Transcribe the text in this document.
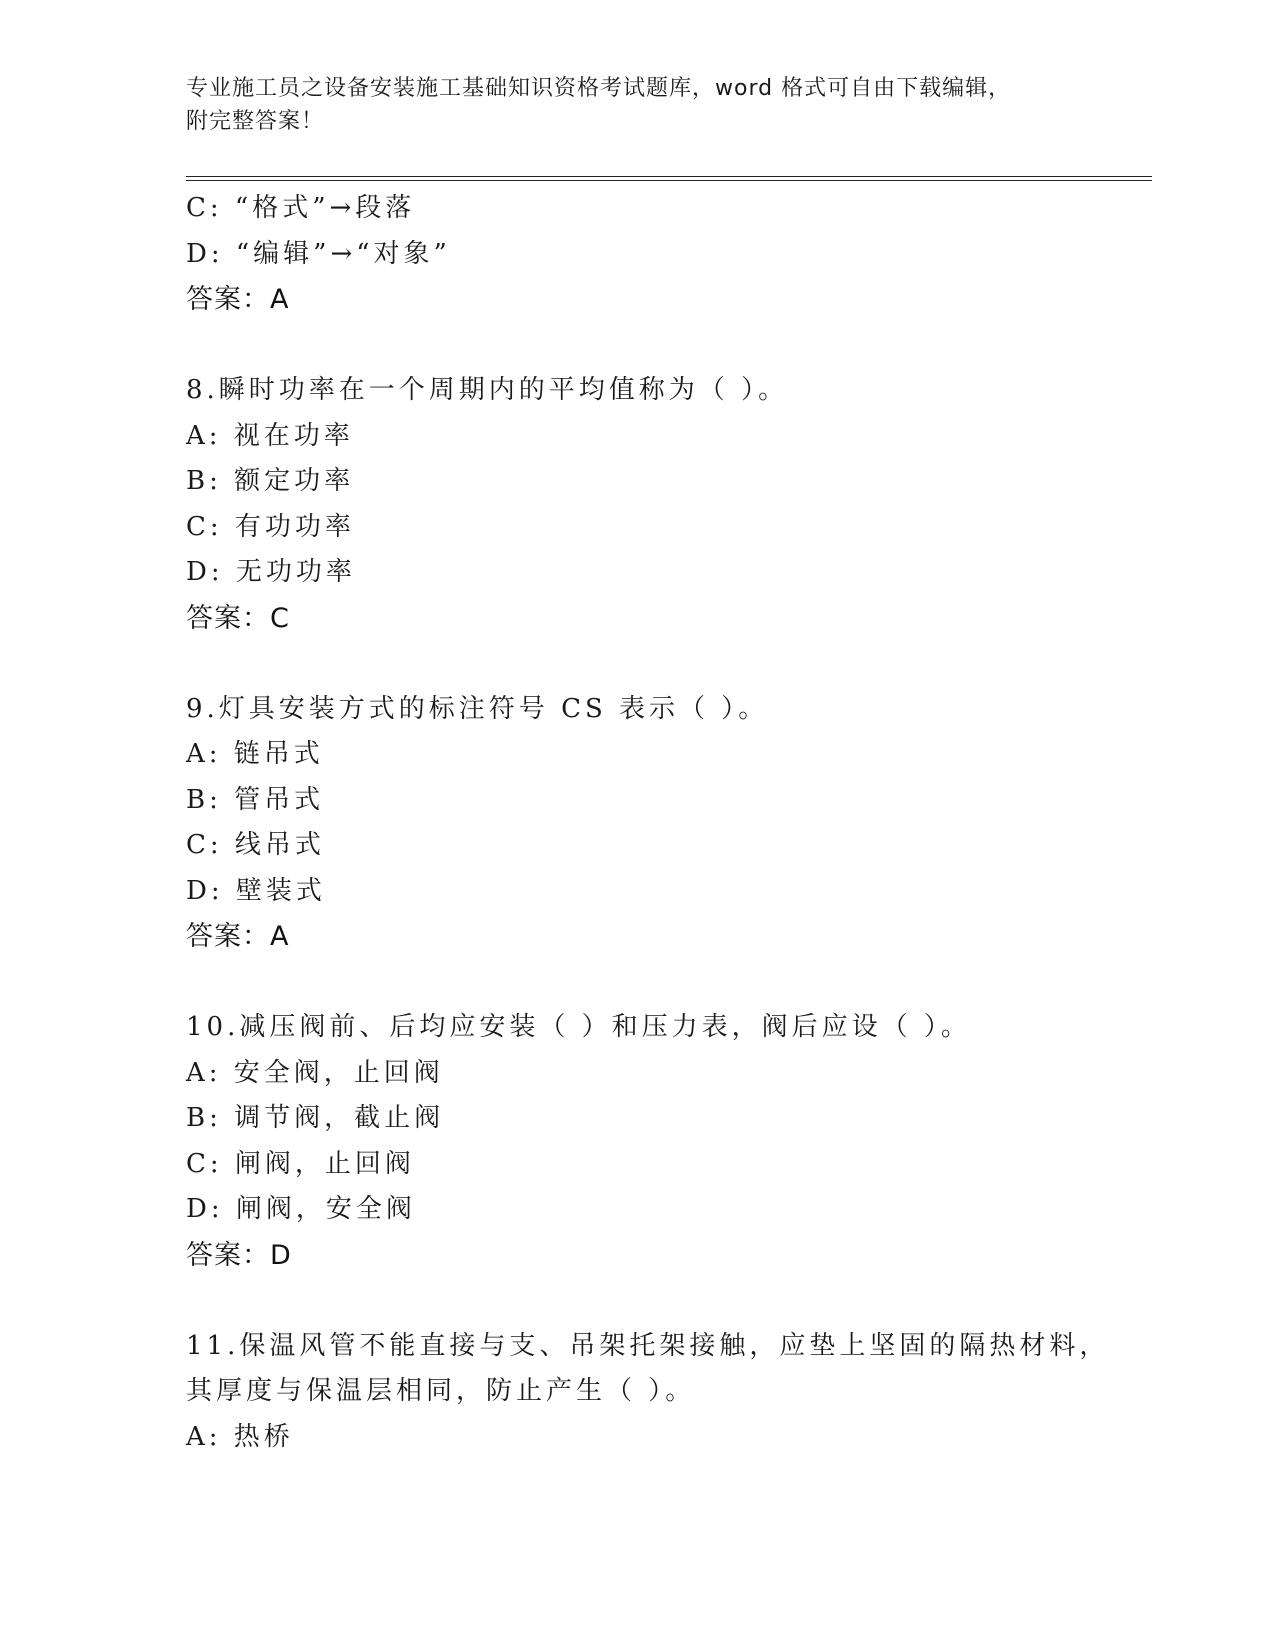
专业施工员之设备安装施工基础知识资格考试题库，word 格式可自由下载编辑，
附完整答案！
C: “格式”→段落
D: “编辑”→“对象”
答案：A
8.瞬时功率在一个周期内的平均值称为（ ）。
A: 视在功率
B: 额定功率
C: 有功功率
D: 无功功率
答案：C
9.灯具安装方式的标注符号 CS 表示（ ）。
A: 链吊式
B: 管吊式
C: 线吊式
D: 壁装式
答案：A
10.减压阀前、后均应安装（ ）和压力表，阀后应设（ ）。
A: 安全阀，止回阀
B: 调节阀，截止阀
C: 闸阀，止回阀
D: 闸阀，安全阀
答案：D
11.保温风管不能直接与支、吊架托架接触，应垫上坚固的隔热材料，
其厚度与保温层相同，防止产生（ ）。
A: 热桥
